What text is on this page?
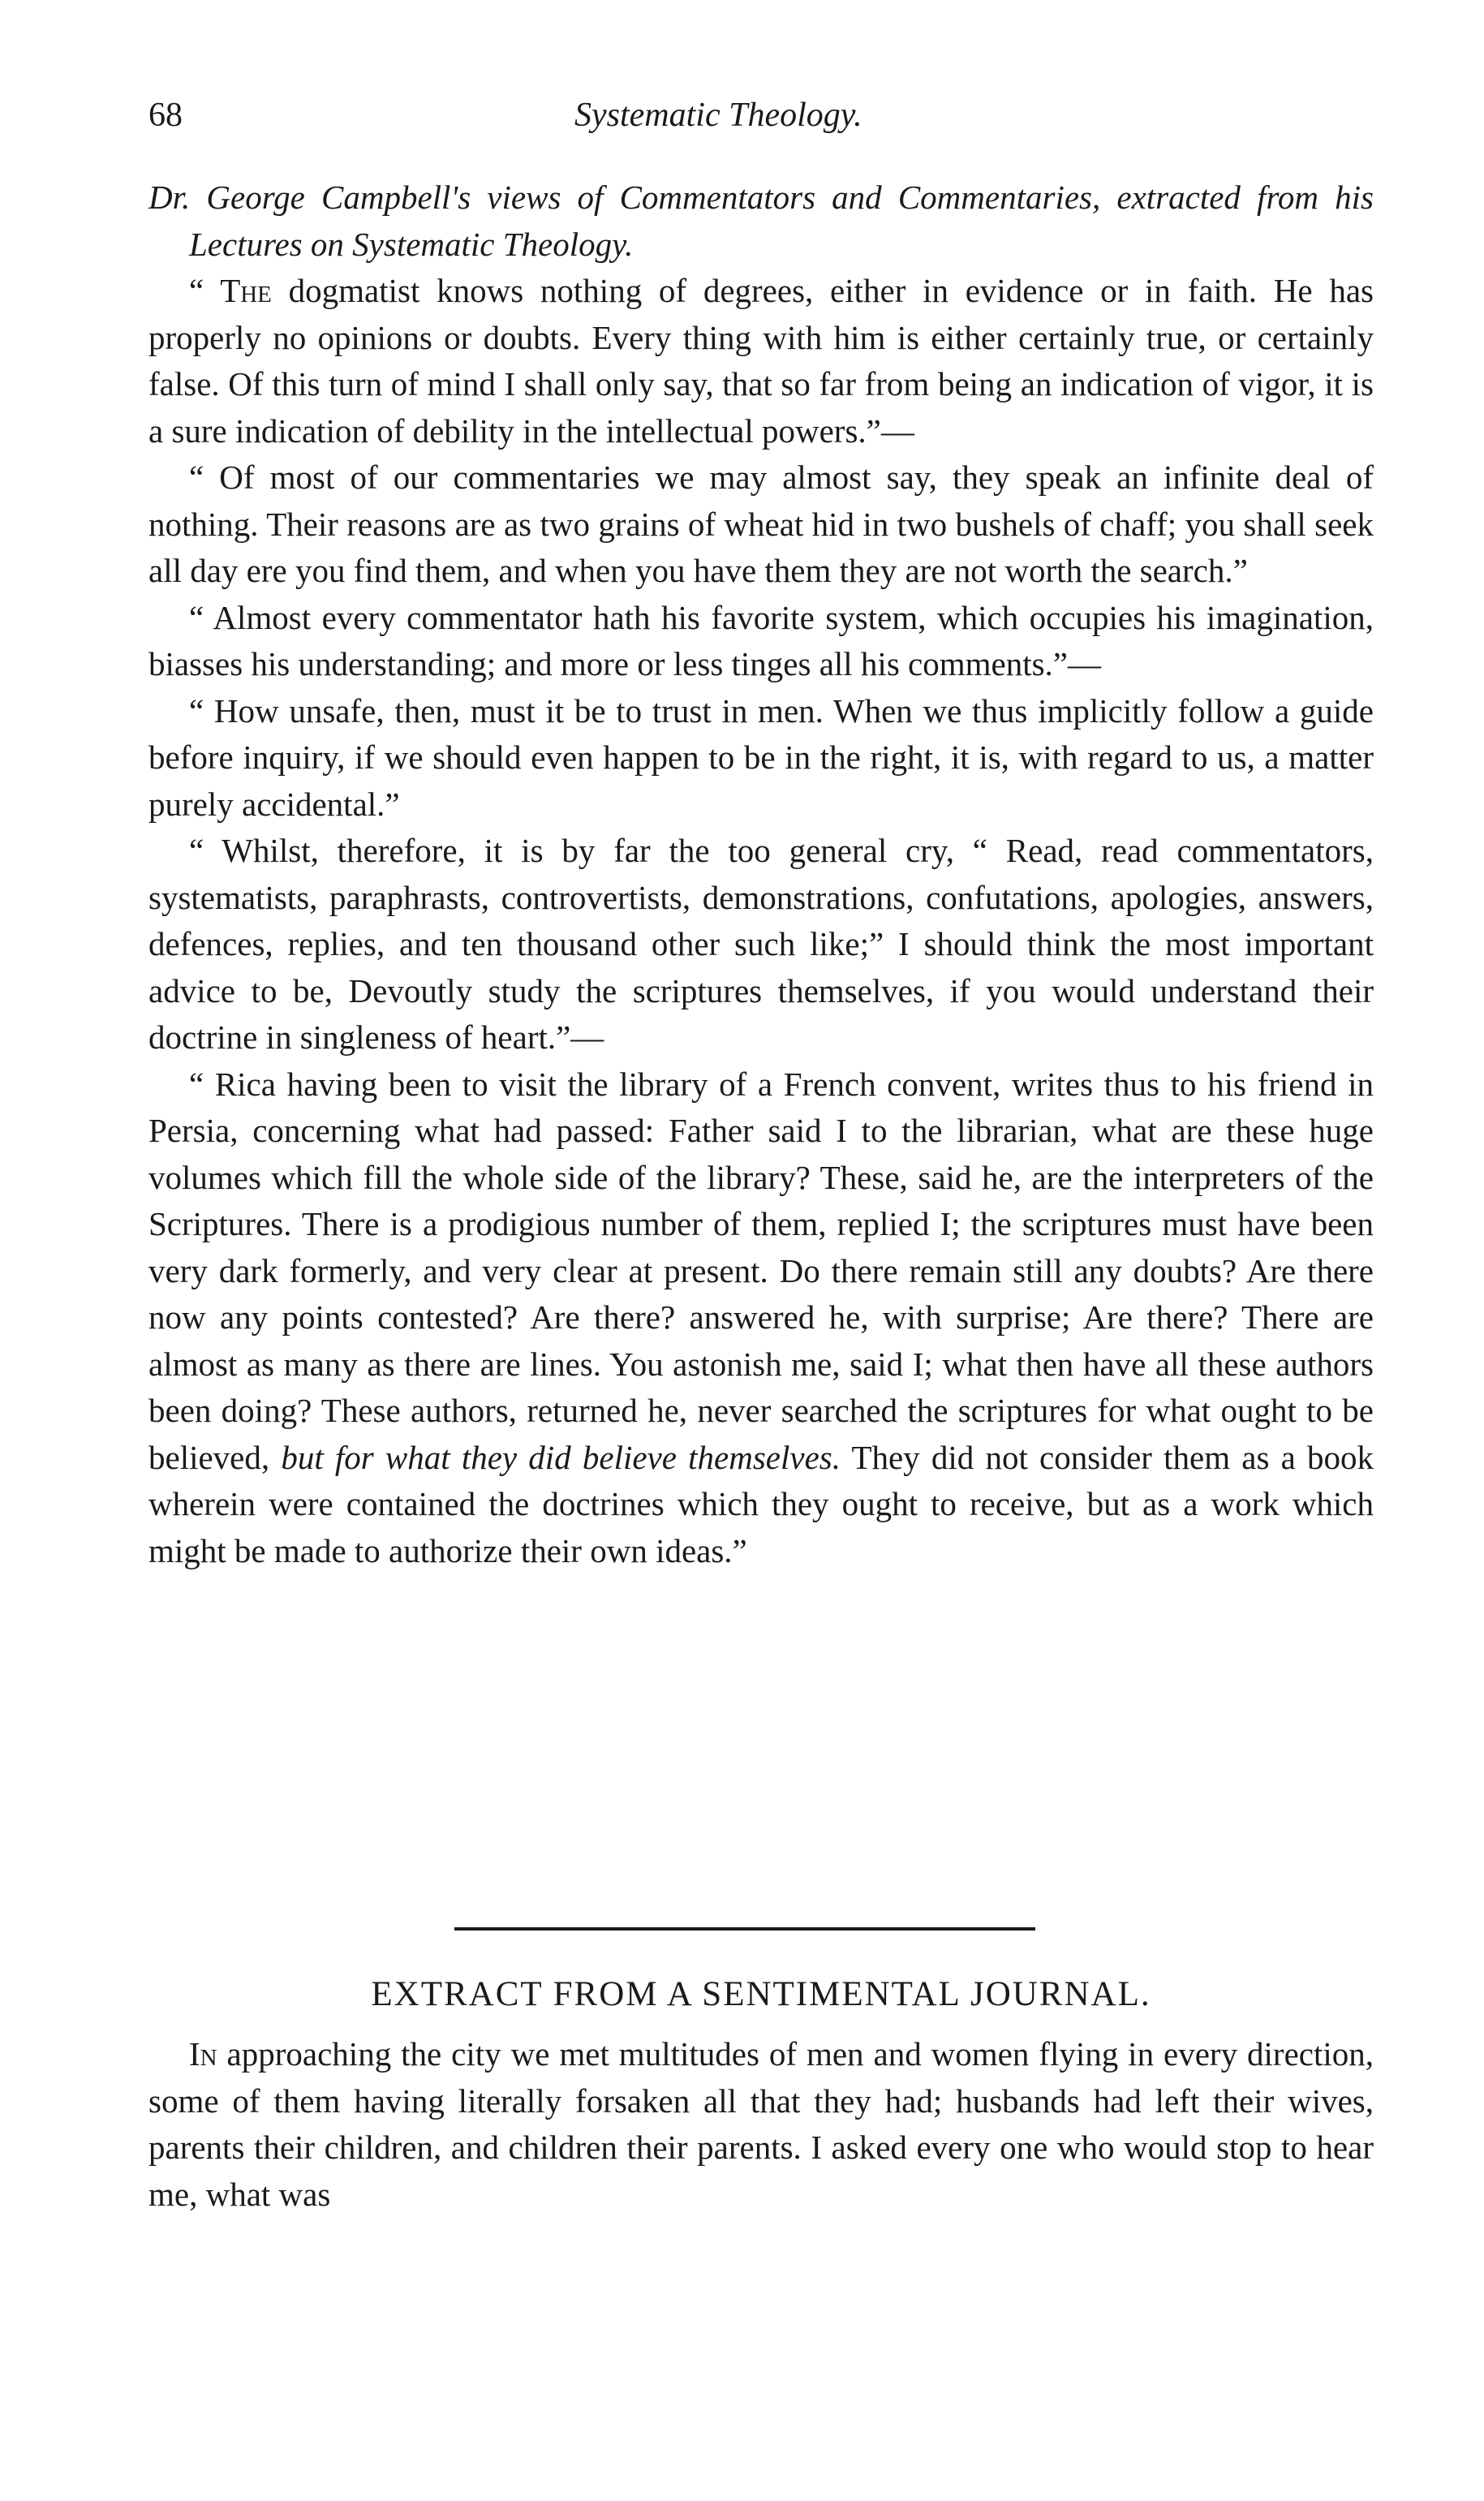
68	Systematic Theology.

Dr. George Campbell's views of Commentators and Commentaries, extracted from his Lectures on Systematic Theology.

“ The dogmatist knows nothing of degrees, either in evidence or in faith. He has properly no opinions or doubts. Every thing with him is either certainly true, or certainly false. Of this turn of mind I shall only say, that so far from being an indication of vigor, it is a sure indication of debility in the intellectual powers.”—

“ Of most of our commentaries we may almost say, they speak an infinite deal of nothing. Their reasons are as two grains of wheat hid in two bushels of chaff; you shall seek all day ere you find them, and when you have them they are not worth the search.”

“ Almost every commentator hath his favorite system, which occupies his imagination, biasses his understanding; and more or less tinges all his comments.”—

“ How unsafe, then, must it be to trust in men. When we thus implicitly follow a guide before inquiry, if we should even happen to be in the right, it is, with regard to us, a matter purely accidental.”

“ Whilst, therefore, it is by far the too general cry, “ Read, read commentators, systematists, paraphrasts, controvertists, demonstrations, confutations, apologies, answers, defences, replies, and ten thousand other such like;” I should think the most important advice to be, Devoutly study the scriptures themselves, if you would understand their doctrine in singleness of heart.”—

“ Rica having been to visit the library of a French convent, writes thus to his friend in Persia, concerning what had passed: Father said I to the librarian, what are these huge volumes which fill the whole side of the library? These, said he, are the interpreters of the Scriptures. There is a prodigious number of them, replied I; the scriptures must have been very dark formerly, and very clear at present. Do there remain still any doubts? Are there now any points contested? Are there? answered he, with surprise; Are there? There are almost as many as there are lines. You astonish me, said I; what then have all these authors been doing? These authors, returned he, never searched the scriptures for what ought to be believed, but for what they did believe themselves. They did not consider them as a book wherein were contained the doctrines which they ought to receive, but as a work which might be made to authorize their own ideas.”

EXTRACT FROM A SENTIMENTAL JOURNAL.

In approaching the city we met multitudes of men and women flying in every direction, some of them having literally forsaken all that they had; husbands had left their wives, parents their children, and children their parents. I asked every one who would stop to hear me, what was
